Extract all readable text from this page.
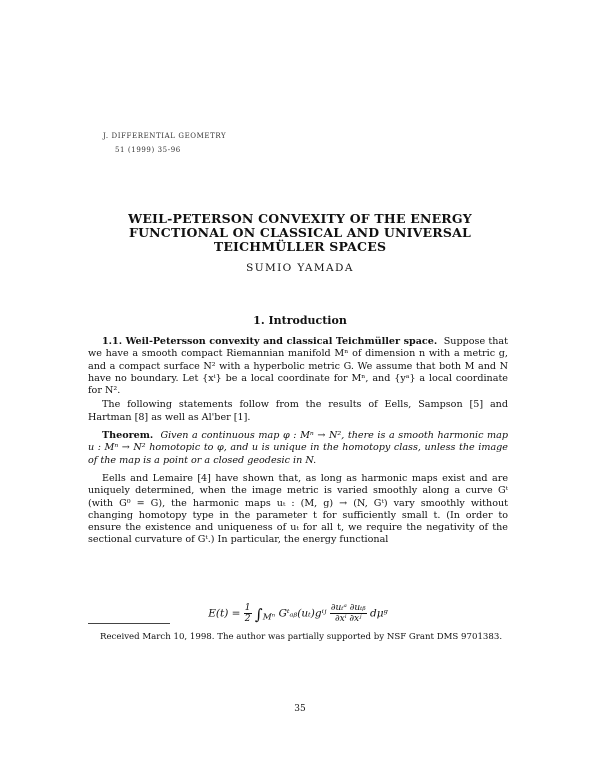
J. DIFFERENTIAL GEOMETRY
51 (1999) 35-96
WEIL-PETERSON CONVEXITY OF THE ENERGY
FUNCTIONAL ON CLASSICAL AND UNIVERSAL
TEICHMÜLLER SPACES
SUMIO YAMADA
1. Introduction

1.1. Weil-Petersson convexity and classical Teichmüller space. Suppose that we have a smooth compact Riemannian manifold Mⁿ of dimension n with a metric g, and a compact surface N² with a hyperbolic metric G. We assume that both M and N have no boundary. Let {xⁱ} be a local coordinate for Mⁿ, and {yᵃ} a local coordinate for N².

The following statements follow from the results of Eells, Sampson [5] and Hartman [8] as well as Al'ber [1].

Theorem. Given a continuous map φ : Mⁿ → N², there is a smooth harmonic map u : Mⁿ → N² homotopic to φ, and u is unique in the homotopy class, unless the image of the map is a point or a closed geodesic in N.

Eells and Lemaire [4] have shown that, as long as harmonic maps exist and are uniquely determined, when the image metric is varied smoothly along a curve Gᵗ (with G⁰ = G), the harmonic maps uₜ : (M, g) → (N, Gᵗ) vary smoothly without changing homotopy type in the parameter t for sufficiently small t. (In order to ensure the existence and uniqueness of uₜ for all t, we require the negativity of the sectional curvature of Gᵗ.) In particular, the energy functional

$E(t) = \frac{1}{2} \int_{M^n}$ Gᵗₐᵦ(uₜ)gⁱʲ $\frac{\text{∂uₜᵃ ∂uₜᵦ}}{\text{∂xⁱ ∂xʲ}}$ dμᵍ
Received March 10, 1998. The author was partially supported by NSF Grant DMS 9701383.
35
